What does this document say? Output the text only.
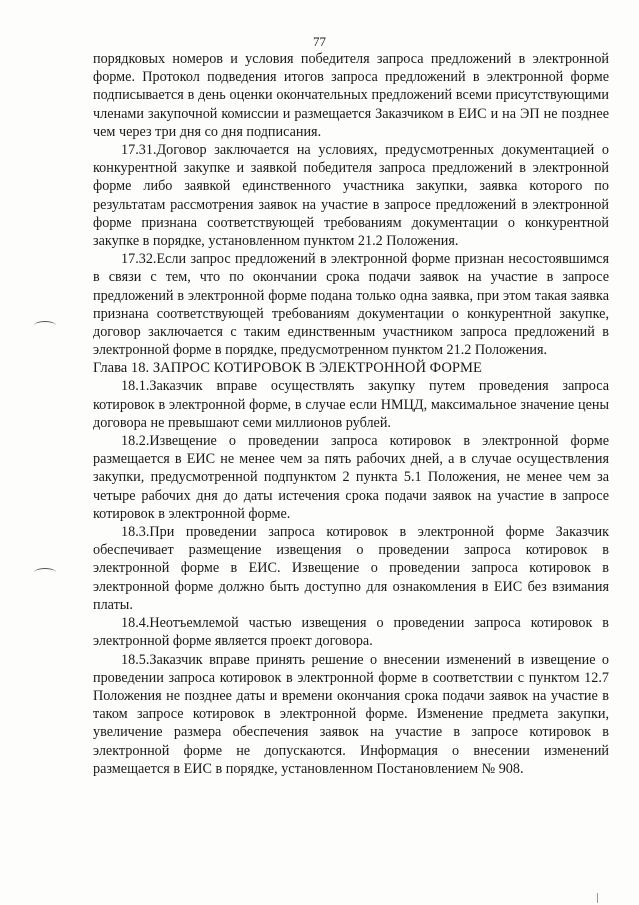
77

порядковых номеров и условия победителя запроса предложений в электронной форме. Протокол подведения итогов запроса предложений в электронной форме подписывается в день оценки окончательных предложений всеми присутствующими членами закупочной комиссии и размещается Заказчиком в ЕИС и на ЭП не позднее чем через три дня со дня подписания.

17.31.Договор заключается на условиях, предусмотренных документацией о конкурентной закупке и заявкой победителя запроса предложений в электронной форме либо заявкой единственного участника закупки, заявка которого по результатам рассмотрения заявок на участие в запросе предложений в электронной форме признана соответствующей требованиям документации о конкурентной закупке в порядке, установленном пунктом 21.2 Положения.

17.32.Если запрос предложений в электронной форме признан несостоявшимся в связи с тем, что по окончании срока подачи заявок на участие в запросе предложений в электронной форме подана только одна заявка, при этом такая заявка признана соответствующей требованиям документации о конкурентной закупке, договор заключается с таким единственным участником запроса предложений в электронной форме в порядке, предусмотренном пунктом 21.2 Положения.

Глава 18. ЗАПРОС КОТИРОВОК В ЭЛЕКТРОННОЙ ФОРМЕ

18.1.Заказчик вправе осуществлять закупку путем проведения запроса котировок в электронной форме, в случае если НМЦД, максимальное значение цены договора не превышают семи миллионов рублей.

18.2.Извещение о проведении запроса котировок в электронной форме размещается в ЕИС не менее чем за пять рабочих дней, а в случае осуществления закупки, предусмотренной подпунктом 2 пункта 5.1 Положения, не менее чем за четыре рабочих дня до даты истечения срока подачи заявок на участие в запросе котировок в электронной форме.

18.3.При проведении запроса котировок в электронной форме Заказчик обеспечивает размещение извещения о проведении запроса котировок в электронной форме в ЕИС. Извещение о проведении запроса котировок в электронной форме должно быть доступно для ознакомления в ЕИС без взимания платы.

18.4.Неотъемлемой частью извещения о проведении запроса котировок в электронной форме является проект договора.

18.5.Заказчик вправе принять решение о внесении изменений в извещение о проведении запроса котировок в электронной форме в соответствии с пунктом 12.7 Положения не позднее даты и времени окончания срока подачи заявок на участие в таком запросе котировок в электронной форме. Изменение предмета закупки, увеличение размера обеспечения заявок на участие в запросе котировок в электронной форме не допускаются. Информация о внесении изменений размещается в ЕИС в порядке, установленном Постановлением № 908.
